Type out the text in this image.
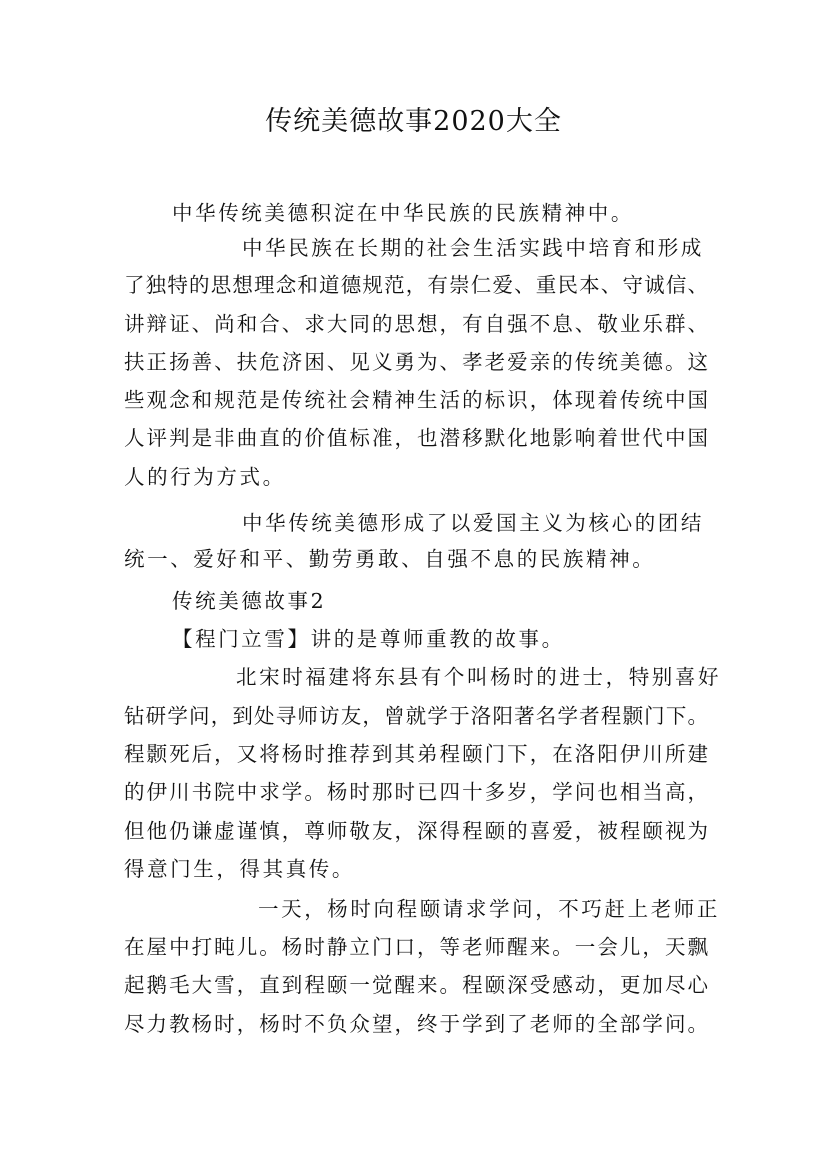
传统美德故事2020大全

中华传统美德积淀在中华民族的民族精神中。

中华民族在长期的社会生活实践中培育和形成

了独特的思想理念和道德规范，有崇仁爱、重民本、守诚信、

讲辩证、尚和合、求大同的思想，有自强不息、敬业乐群、

扶正扬善、扶危济困、见义勇为、孝老爱亲的传统美德。这

些观念和规范是传统社会精神生活的标识，体现着传统中国

人评判是非曲直的价值标准，也潜移默化地影响着世代中国

人的行为方式。

中华传统美德形成了以爱国主义为核心的团结

统一、爱好和平、勤劳勇敢、自强不息的民族精神。

传统美德故事2

【程门立雪】讲的是尊师重教的故事。

北宋时福建将东县有个叫杨时的进士，特别喜好

钻研学问，到处寻师访友，曾就学于洛阳著名学者程颢门下。

程颢死后，又将杨时推荐到其弟程颐门下，在洛阳伊川所建

的伊川书院中求学。杨时那时已四十多岁，学问也相当高，

但他仍谦虚谨慎，尊师敬友，深得程颐的喜爱，被程颐视为

得意门生，得其真传。

一天，杨时向程颐请求学问，不巧赶上老师正

在屋中打盹儿。杨时静立门口，等老师醒来。一会儿，天飘

起鹅毛大雪，直到程颐一觉醒来。程颐深受感动，更加尽心

尽力教杨时，杨时不负众望，终于学到了老师的全部学问。
